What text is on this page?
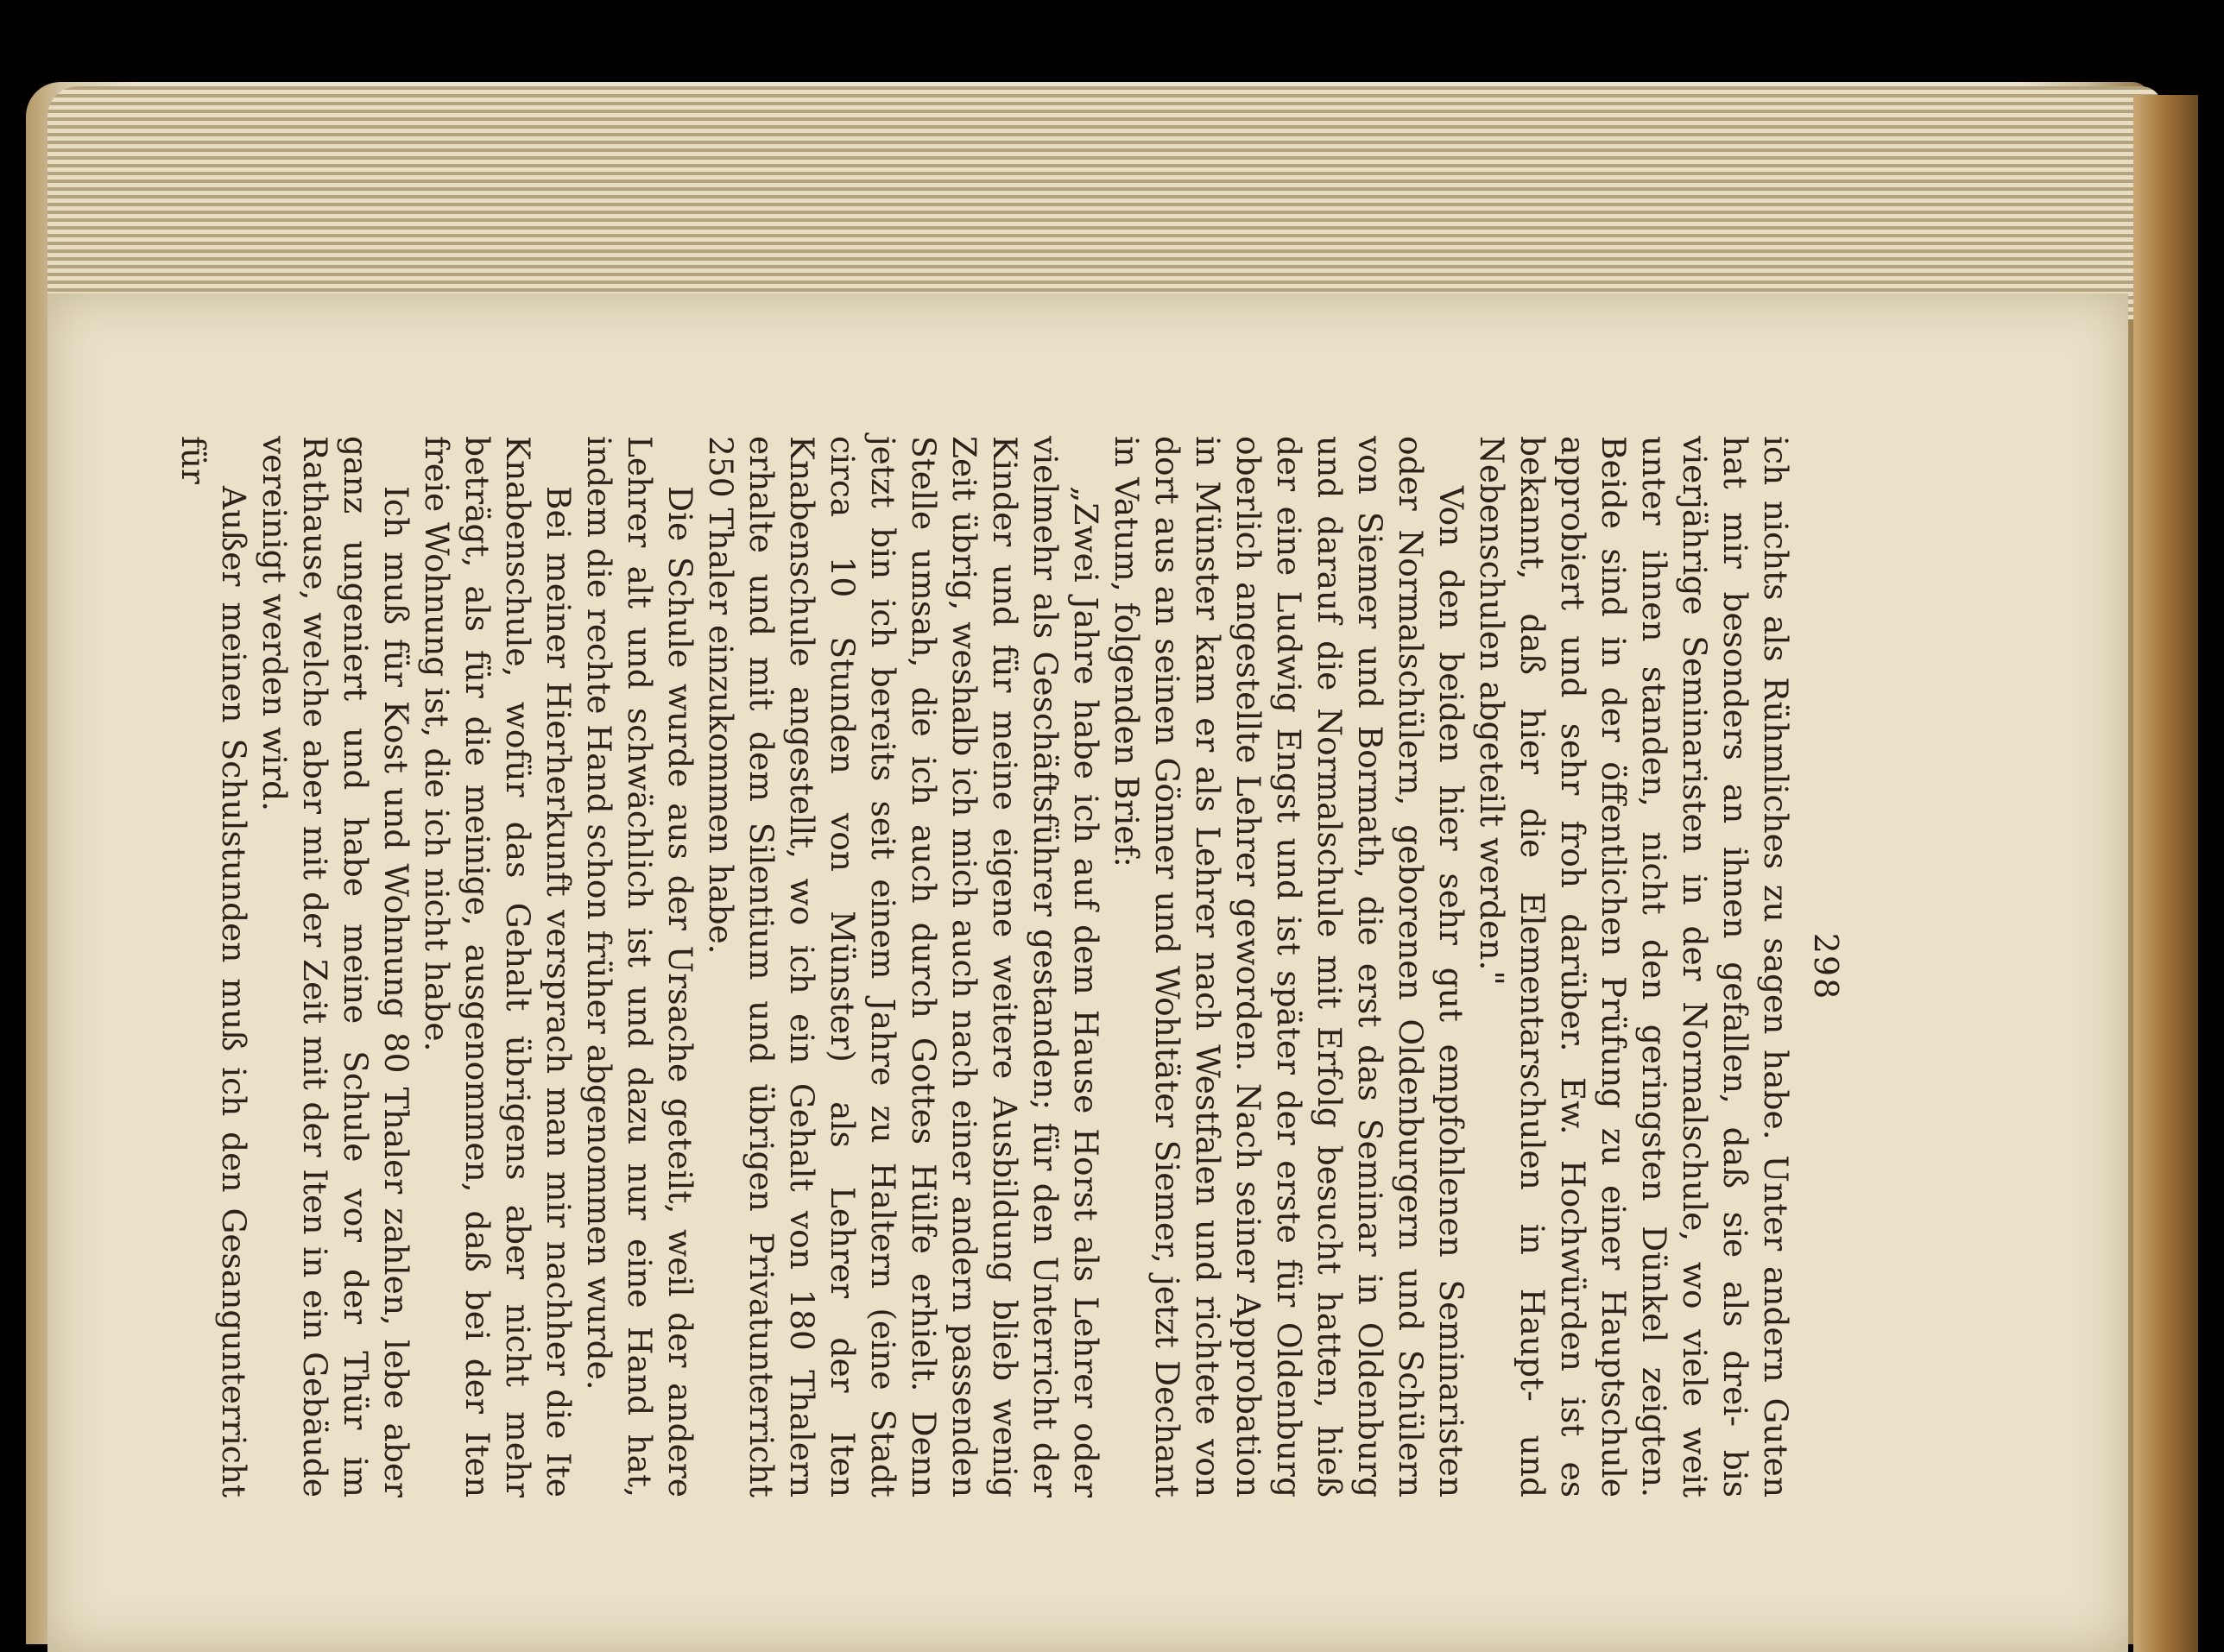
298

ich nichts als Rühmliches zu sagen habe. Unter andern Guten hat mir besonders an ihnen gefallen, daß sie als drei- bis vierjährige Seminaristen in der Normalschule, wo viele weit unter ihnen standen, nicht den geringsten Dünkel zeigten. Beide sind in der öffentlichen Prüfung zu einer Hauptschule approbiert und sehr froh darüber. Ew. Hochwürden ist es bekannt, daß hier die Elementarschulen in Haupt- und Nebenschulen abgeteilt werden."

Von den beiden hier sehr gut empfohlenen Seminaristen oder Normalschülern, geborenen Oldenburgern und Schülern von Siemer und Bormath, die erst das Seminar in Oldenburg und darauf die Normalschule mit Erfolg besucht hatten, hieß der eine Ludwig Engst und ist später der erste für Oldenburg oberlich angestellte Lehrer geworden. Nach seiner Approbation in Münster kam er als Lehrer nach Westfalen und richtete von dort aus an seinen Gönner und Wohltäter Siemer, jetzt Dechant in Vatum, folgenden Brief:

„Zwei Jahre habe ich auf dem Hause Horst als Lehrer oder vielmehr als Geschäftsführer gestanden; für den Unterricht der Kinder und für meine eigene weitere Ausbildung blieb wenig Zeit übrig, weshalb ich mich auch nach einer andern passenden Stelle umsah, die ich auch durch Gottes Hülfe erhielt. Denn jetzt bin ich bereits seit einem Jahre zu Haltern (eine Stadt circa 10 Stunden von Münster) als Lehrer der Iten Knabenschule angestellt, wo ich ein Gehalt von 180 Thalern erhalte und mit dem Silentium und übrigen Privatunterricht 250 Thaler einzukommen habe.

Die Schule wurde aus der Ursache geteilt, weil der andere Lehrer alt und schwächlich ist und dazu nur eine Hand hat, indem die rechte Hand schon früher abgenommen wurde.

Bei meiner Hierherkunft versprach man mir nachher die Ite Knabenschule, wofür das Gehalt übrigens aber nicht mehr beträgt, als für die meinige, ausgenommen, daß bei der Iten freie Wohnung ist, die ich nicht habe.

Ich muß für Kost und Wohnung 80 Thaler zahlen, lebe aber ganz ungeniert und habe meine Schule vor der Thür im Rathause, welche aber mit der Zeit mit der Iten in ein Gebäude vereinigt werden wird.

Außer meinen Schulstunden muß ich den Gesangunterricht für
